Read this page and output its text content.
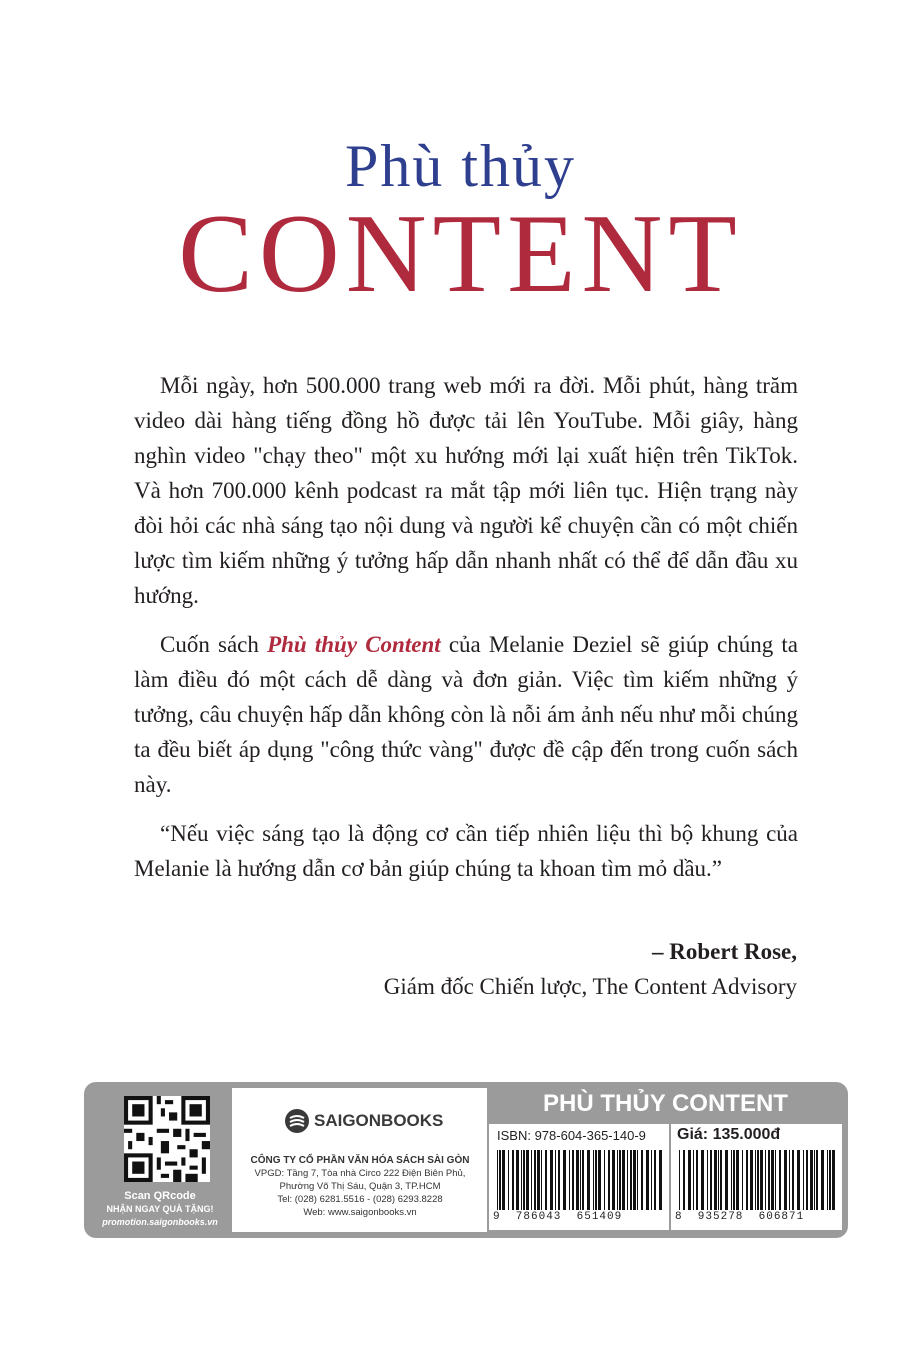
Phù thủy
CONTENT

Mỗi ngày, hơn 500.000 trang web mới ra đời. Mỗi phút, hàng trăm video dài hàng tiếng đồng hồ được tải lên YouTube. Mỗi giây, hàng nghìn video "chạy theo" một xu hướng mới lại xuất hiện trên TikTok. Và hơn 700.000 kênh podcast ra mắt tập mới liên tục. Hiện trạng này đòi hỏi các nhà sáng tạo nội dung và người kể chuyện cần có một chiến lược tìm kiếm những ý tưởng hấp dẫn nhanh nhất có thể để dẫn đầu xu hướng.

Cuốn sách Phù thủy Content của Melanie Deziel sẽ giúp chúng ta làm điều đó một cách dễ dàng và đơn giản. Việc tìm kiếm những ý tưởng, câu chuyện hấp dẫn không còn là nỗi ám ảnh nếu như mỗi chúng ta đều biết áp dụng "công thức vàng" được đề cập đến trong cuốn sách này.

“Nếu việc sáng tạo là động cơ cần tiếp nhiên liệu thì bộ khung của Melanie là hướng dẫn cơ bản giúp chúng ta khoan tìm mỏ dầu.”

– Robert Rose,
Giám đốc Chiến lược, The Content Advisory
Scan QRcode
NHẬN NGAY QUÀ TẶNG!
promotion.saigonbooks.vn
SAIGONBOOKS
CÔNG TY CỔ PHẦN VĂN HÓA SÁCH SÀI GÒN
VPGD: Tầng 7, Tòa nhà Circo 222 Điện Biên Phủ,
Phường Võ Thị Sáu, Quận 3, TP.HCM
Tel: (028) 6281.5516 - (028) 6293.8228
Web: www.saigonbooks.vn
PHÙ THỦY CONTENT
ISBN: 978-604-365-140-9
9  786043  651409
Giá: 135.000đ
8  935278  606871
